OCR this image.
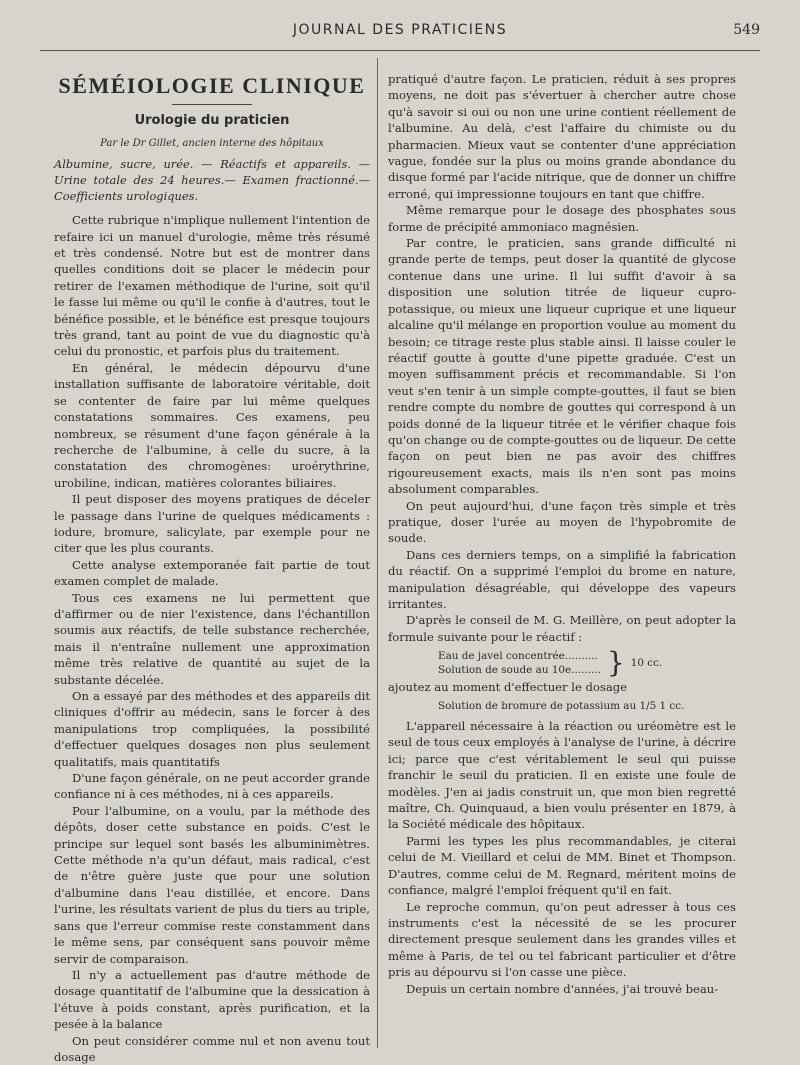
JOURNAL DES PRATICIENS	549
SÉMÉIOLOGIE CLINIQUE
Urologie du praticien
Par le Dr Gillet, ancien interne des hôpitaux
Albumine, sucre, urée. — Réactifs et appareils. — Urine totale des 24 heures.— Examen fractionné.— Coefficients urologiques.

Cette rubrique n'implique nullement l'intention de refaire ici un manuel d'urologie, même très résumé et très condensé. Notre but est de montrer dans quelles conditions doit se placer le médecin pour retirer de l'examen méthodique de l'urine, soit qu'il le fasse lui même ou qu'il le confie à d'autres, tout le bénéfice possible, et le bénéfice est presque toujours très grand, tant au point de vue du diagnostic qu'à celui du pronostic, et parfois plus du traitement.

En général, le médecin dépourvu d'une installation suffisante de laboratoire véritable, doit se contenter de faire par lui même quelques constatations sommaires. Ces examens, peu nombreux, se résument d'une façon générale à la recherche de l'albumine, à celle du sucre, à la constatation des chromogènes: uroérythrine, urobiline, indican, matières colorantes biliaires.

Il peut disposer des moyens pratiques de déceler le passage dans l'urine de quelques médicaments : iodure, bromure, salicylate, par exemple pour ne citer que les plus courants.

Cette analyse extemporanée fait partie de tout examen complet de malade.

Tous ces examens ne lui permettent que d'affirmer ou de nier l'existence, dans l'échantillon soumis aux réactifs, de telle substance recherchée, mais il n'entraîne nullement une approximation même très relative de quantité au sujet de la substante décelée.

On a essayé par des méthodes et des appareils dit cliniques d'offrir au médecin, sans le forcer à des manipulations trop compliquées, la possibilité d'effectuer quelques dosages non plus seulement qualitatifs, mais quantitatifs

D'une façon générale, on ne peut accorder grande confiance ni à ces méthodes, ni à ces appareils.

Pour l'albumine, on a voulu, par la méthode des dépôts, doser cette substance en poids. C'est le principe sur lequel sont basés les albuminimètres. Cette méthode n'a qu'un défaut, mais radical, c'est de n'être guère juste que pour une solution d'albumine dans l'eau distillée, et encore. Dans l'urine, les résultats varient de plus du tiers au triple, sans que l'erreur commise reste constamment dans le même sens, par conséquent sans pouvoir même servir de comparaison.

Il n'y a actuellement pas d'autre méthode de dosage quantitatif de l'albumine que la dessication à l'étuve à poids constant, après purification, et la pesée à la balance

On peut considérer comme nul et non avenu tout dosage

pratiqué d'autre façon. Le praticien, réduit à ses propres moyens, ne doit pas s'évertuer à chercher autre chose qu'à savoir si oui ou non une urine contient réellement de l'albumine. Au delà, c'est l'affaire du chimiste ou du pharmacien. Mieux vaut se contenter d'une appréciation vague, fondée sur la plus ou moins grande abondance du disque formé par l'acide nitrique, que de donner un chiffre erroné, qui impressionne toujours en tant que chiffre.

Même remarque pour le dosage des phosphates sous forme de précipité ammoniaco magnésien.

Par contre, le praticien, sans grande difficulté ni grande perte de temps, peut doser la quantité de glycose contenue dans une urine. Il lui suffit d'avoir à sa disposition une solution titrée de liqueur cupro-potassique, ou mieux une liqueur cuprique et une liqueur alcaline qu'il mélange en proportion voulue au moment du besoin; ce titrage reste plus stable ainsi. Il laisse couler le réactif goutte à goutte d'une pipette graduée. C'est un moyen suffisamment précis et recommandable. Si l'on veut s'en tenir à un simple compte-gouttes, il faut se bien rendre compte du nombre de gouttes qui correspond à un poids donné de la liqueur titrée et le vérifier chaque fois qu'on change ou de compte-gouttes ou de liqueur. De cette façon on peut bien ne pas avoir des chiffres rigoureusement exacts, mais ils n'en sont pas moins absolument comparables.

On peut aujourd'hui, d'une façon très simple et très pratique, doser l'urée au moyen de l'hypobromite de soude.

Dans ces derniers temps, on a simplifié la fabrication du réactif. On a supprimé l'emploi du brome en nature, manipulation désagréable, qui développe des vapeurs irritantes.

D'après le conseil de M. G. Meillère, on peut adopter la formule suivante pour le réactif :

Eau de javel concentrée..........
Solution de soude au 10e......... } 10 cc.

ajoutez au moment d'effectuer le dosage

Solution de bromure de potassium au 1/5 1 cc.

L'appareil nécessaire à la réaction ou uréomètre est le seul de tous ceux employés à l'analyse de l'urine, à décrire ici; parce que c'est véritablement le seul qui puisse franchir le seuil du praticien. Il en existe une foule de modèles. J'en ai jadis construit un, que mon bien regretté maître, Ch. Quinquaud, a bien voulu présenter en 1879, à la Société médicale des hôpitaux.

Parmi les types les plus recommandables, je citerai celui de M. Vieillard et celui de MM. Binet et Thompson. D'autres, comme celui de M. Regnard, méritent moins de confiance, malgré l'emploi fréquent qu'il en fait.

Le reproche commun, qu'on peut adresser à tous ces instruments c'est la nécessité de se les procurer directement presque seulement dans les grandes villes et même à Paris, de tel ou tel fabricant particulier et d'être pris au dépourvu si l'on casse une pièce.

Depuis un certain nombre d'années, j'ai trouvé beau-
